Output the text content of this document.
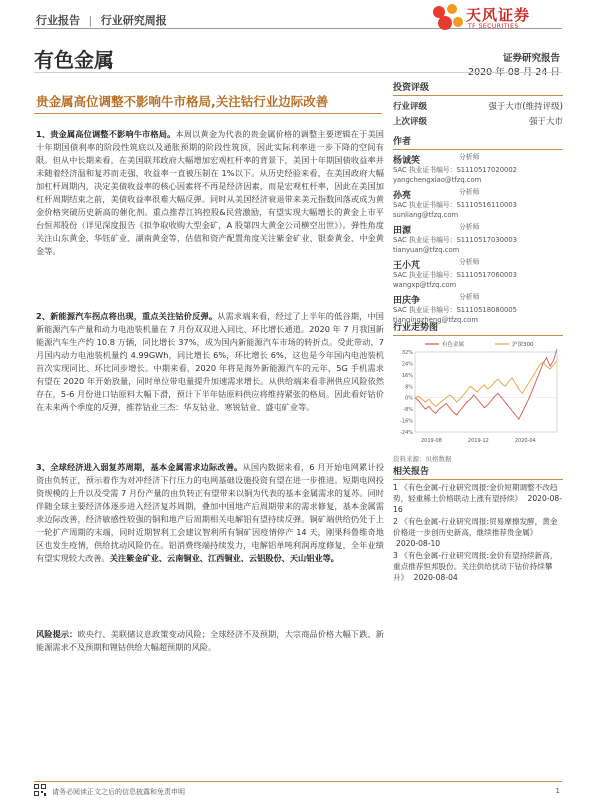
行业报告 | 行业研究周报	天风证券
TF SECURITIES
有色金属	证券研究报告
贵金属高位调整不影响牛市格局,关注钴行业边际改善

1、贵金属高位调整不影响牛市格局。本周以黄金为代表的贵金属价格的调整主要逻辑在于美国十年期国债利率的阶段性筑底以及通胀预期的阶段性筑顶，因此实际利率进一步下降的空间有限。但从中长期来看，在美国联邦政府大幅增加宏观杠杆率的背景下，美国十年期国债收益率并未随着经济温和复苏而走强，收益率一直被压制在 1%以下。从历史经验来看，在美国政府大幅加杠杆周期内，决定美债收益率的核心因素将不再是经济因素，而是宏观杠杆率，因此在美国加杠杆周期结束之前，美债收益率很难大幅反弹。同时从美国经济衰退带来美元指数回落或成为黄金价格突破历史新高的催化剂。重点推荐江钨控股&民营激励，有望实现大幅增长的黄金上市平台恒邦股份（详见深度报告《拟争取收购大型金矿，A 股第四大黄金公司横空出世》）。弹性角度关注山东黄金、华钰矿业、湖南黄金等，估值和资产配置角度关注紫金矿业、银泰黄金、中金黄金等。

2、新能源汽车拐点将出现，重点关注钴价反弹。从需求端来看，经过了上半年的低谷期，中国新能源汽车产量和动力电池装机量在 7 月份双双进入同比、环比增长通道。2020 年 7 月我国新能源汽车生产约 10.8 万辆，同比增长 37%，成为国内新能源汽车市场的转折点。受此带动，7 月国内动力电池装机量约 4.99GWh，同比增长 6%，环比增长 6%，这也是今年国内电池装机首次实现同比、环比同步增长。中期来看，2020 年将是海外新能源汽车的元年，5G 手机需求有望在 2020 年开始放量，同时单位带电量提升加速需求增长。从供给端来看非洲供应风险依然存在，5-6 月份进口钴原料大幅下滑，预计下半年钴原料供应将维持紧张的格局。因此看好钴价在未来两个季度的反弹，推荐钴业三杰：华友钴业、寒锐钴业、盛屯矿业等。

3、全球经济进入弱复苏周期，基本金属需求边际改善。从国内数据来看，6 月开始电网累计投资由负转正，预示着作为对冲经济下行压力的电网基础设施投资有望在进一步推进。短期电网投资规模的上升以及受需 7 月份产量的由负转正有望带来以铜为代表的基本金属需求的复苏。同时伴随全球主要经济体逐步进入经济复苏周期，叠加中国地产后周期带来的需求修复，基本金属需求边际改善，经济敏感性较强的铜和地产后周期相关电解铝有望持续反弹。铜矿端供给仍处于上一轮扩产周期的末端，同时近期智利工会建议智利所有铜矿因疫情停产 14 天，刚果科鲁维奇地区也发生疫情，供给扰动风险仍在。铝消费终端持续发力，电解铝单吨利润再度修复，全年业绩有望实现较大改善。关注紫金矿业、云南铜业、江西铜业、云铝股份、天山铝业等。

风险提示：欧央行、美联储议息政策变动风险；全球经济不及预期，大宗商品价格大幅下跌、新能源需求不及预期和锂钴供给大幅超预期的风险。

投资评级
行业评级	强于大市(维持评级)
上次评级	强于大市
作者
杨诚笑	分析师
SAC 执业证书编号：S1110517020002
yangchengxiao@tfzq.com
孙亮	分析师
SAC 执业证书编号：S1110516110003
sunliang@tfzq.com
田源	分析师
SAC 执业证书编号：S1110517030003
tianyuan@tfzq.com
王小芃	分析师
SAC 执业证书编号：S1110517060003
wangxp@tfzq.com
田庆争	分析师
SAC 执业证书编号：S1110518080005
tianqingzheng@tfzq.com
行业走势图
32%
24%
16%
8%
0%
-8%
-16%
-24%
2019-08	2019-12	2020-04
有色金属	沪深300
资料来源：贝格数据
相关报告
1 《有色金属-行业研究周报:金价短期调整不改趋势，轻重稀土价格联动上涨有望持续》 2020-08-16
2 《有色金属-行业研究周报:贸易摩擦发酵，黄金价格进一步创历史新高，继续推荐贵金属》 2020-08-10
3 《有色金属-行业研究周报:金价有望持续新高，重点推荐恒邦股份。关注供给扰动下钴价持续攀升》 2020-08-04
请务必阅读正文之后的信息披露和免责申明	1
